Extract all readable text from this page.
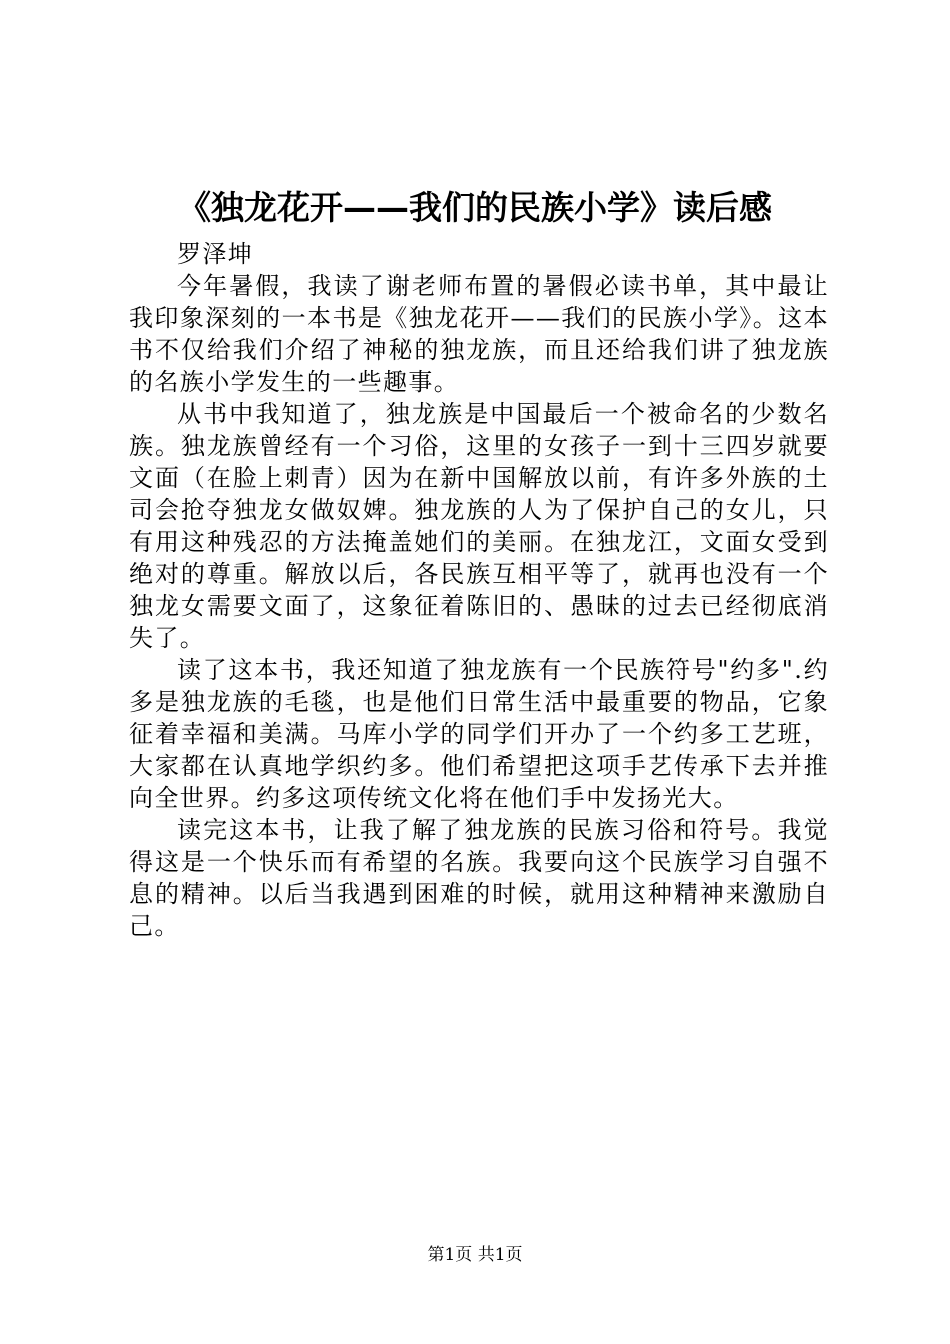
《独龙花开——我们的民族小学》读后感

罗泽坤

今年暑假，我读了谢老师布置的暑假必读书单，其中最让我印象深刻的一本书是《独龙花开——我们的民族小学》。这本书不仅给我们介绍了神秘的独龙族，而且还给我们讲了独龙族的名族小学发生的一些趣事。

从书中我知道了，独龙族是中国最后一个被命名的少数名族。独龙族曾经有一个习俗，这里的女孩子一到十三四岁就要文面（在脸上刺青）因为在新中国解放以前，有许多外族的土司会抢夺独龙女做奴婢。独龙族的人为了保护自己的女儿，只有用这种残忍的方法掩盖她们的美丽。在独龙江，文面女受到绝对的尊重。解放以后，各民族互相平等了，就再也没有一个独龙女需要文面了，这象征着陈旧的、愚昧的过去已经彻底消失了。

读了这本书，我还知道了独龙族有一个民族符号"约多".约多是独龙族的毛毯，也是他们日常生活中最重要的物品，它象征着幸福和美满。马库小学的同学们开办了一个约多工艺班，大家都在认真地学织约多。他们希望把这项手艺传承下去并推向全世界。约多这项传统文化将在他们手中发扬光大。

读完这本书，让我了解了独龙族的民族习俗和符号。我觉得这是一个快乐而有希望的名族。我要向这个民族学习自强不息的精神。以后当我遇到困难的时候，就用这种精神来激励自己。

第1页 共1页
